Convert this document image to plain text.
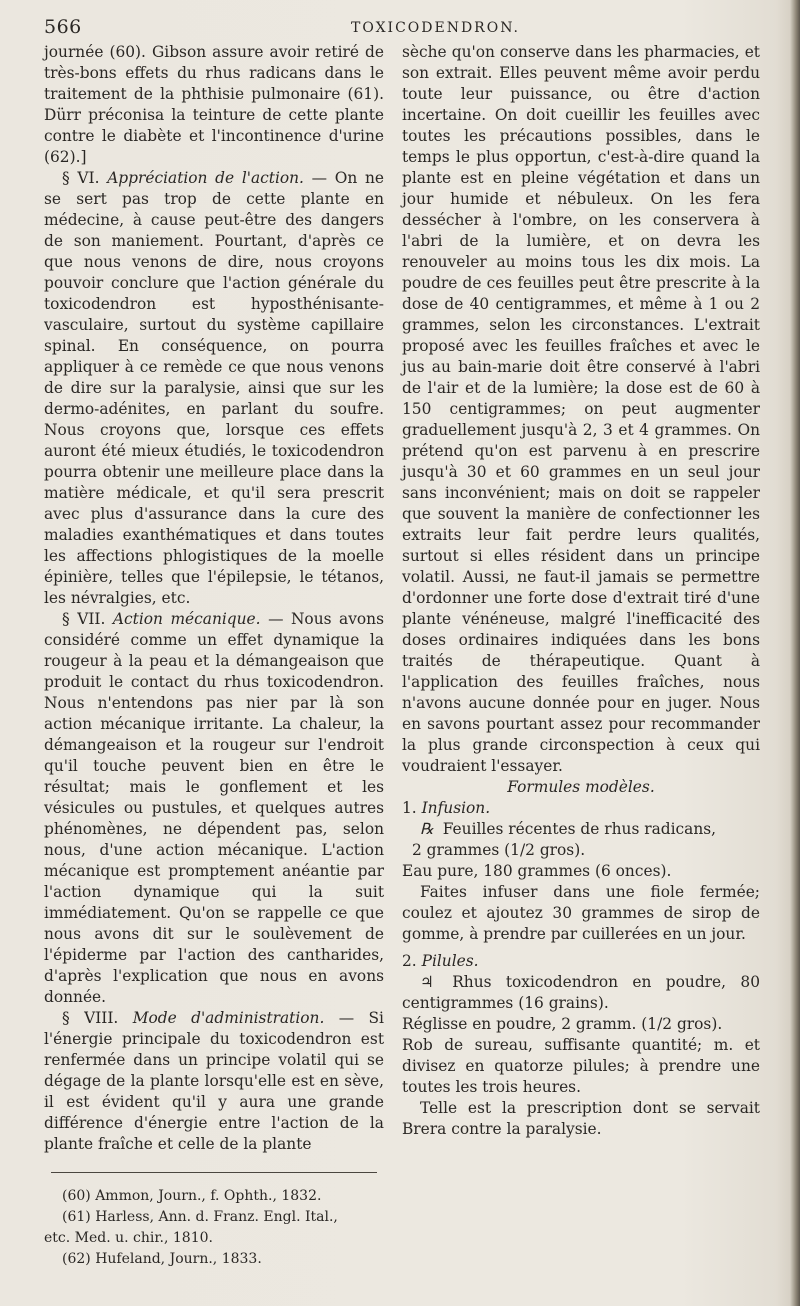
566	TOXICODENDRON.

journée (60). Gibson assure avoir retiré de très-bons effets du rhus radicans dans le traitement de la phthisie pulmonaire (61). Dürr préconisa la teinture de cette plante contre le diabète et l'incontinence d'urine (62).]

§ VI. Appréciation de l'action. — On ne se sert pas trop de cette plante en médecine, à cause peut-être des dangers de son maniement. Pourtant, d'après ce que nous venons de dire, nous croyons pouvoir conclure que l'action générale du toxicodendron est hyposthénisante-vasculaire, surtout du système capillaire spinal. En conséquence, on pourra appliquer à ce remède ce que nous venons de dire sur la paralysie, ainsi que sur les dermo-adénites, en parlant du soufre. Nous croyons que, lorsque ces effets auront été mieux étudiés, le toxicodendron pourra obtenir une meilleure place dans la matière médicale, et qu'il sera prescrit avec plus d'assurance dans la cure des maladies exanthématiques et dans toutes les affections phlogistiques de la moelle épinière, telles que l'épilepsie, le tétanos, les névralgies, etc.

§ VII. Action mécanique. — Nous avons considéré comme un effet dynamique la rougeur à la peau et la démangeaison que produit le contact du rhus toxicodendron. Nous n'entendons pas nier par là son action mécanique irritante. La chaleur, la démangeaison et la rougeur sur l'endroit qu'il touche peuvent bien en être le résultat; mais le gonflement et les vésicules ou pustules, et quelques autres phénomènes, ne dépendent pas, selon nous, d'une action mécanique. L'action mécanique est promptement anéantie par l'action dynamique qui la suit immédiatement. Qu'on se rappelle ce que nous avons dit sur le soulèvement de l'épiderme par l'action des cantharides, d'après l'explication que nous en avons donnée.

§ VIII. Mode d'administration. — Si l'énergie principale du toxicodendron est renfermée dans un principe volatil qui se dégage de la plante lorsqu'elle est en sève, il est évident qu'il y aura une grande différence d'énergie entre l'action de la plante fraîche et celle de la plante

(60) Ammon, Journ., f. Ophth., 1832.

(61) Harless, Ann. d. Franz. Engl. Ital.,

etc. Med. u. chir., 1810.

(62) Hufeland, Journ., 1833.

sèche qu'on conserve dans les pharmacies, et son extrait. Elles peuvent même avoir perdu toute leur puissance, ou être d'action incertaine. On doit cueillir les feuilles avec toutes les précautions possibles, dans le temps le plus opportun, c'est-à-dire quand la plante est en pleine végétation et dans un jour humide et nébuleux. On les fera dessécher à l'ombre, on les conservera à l'abri de la lumière, et on devra les renouveler au moins tous les dix mois. La poudre de ces feuilles peut être prescrite à la dose de 40 centigrammes, et même à 1 ou 2 grammes, selon les circonstances. L'extrait proposé avec les feuilles fraîches et avec le jus au bain-marie doit être conservé à l'abri de l'air et de la lumière; la dose est de 60 à 150 centigrammes; on peut augmenter graduellement jusqu'à 2, 3 et 4 grammes. On prétend qu'on est parvenu à en prescrire jusqu'à 30 et 60 grammes en un seul jour sans inconvénient; mais on doit se rappeler que souvent la manière de confectionner les extraits leur fait perdre leurs qualités, surtout si elles résident dans un principe volatil. Aussi, ne faut-il jamais se permettre d'ordonner une forte dose d'extrait tiré d'une plante vénéneuse, malgré l'inefficacité des doses ordinaires indiquées dans les bons traités de thérapeutique. Quant à l'application des feuilles fraîches, nous n'avons aucune donnée pour en juger. Nous en savons pourtant assez pour recommander la plus grande circonspection à ceux qui voudraient l'essayer.

Formules modèles.

1. Infusion.

℞ Feuilles récentes de rhus radicans,

2 grammes (1/2 gros).

Eau pure, 180 grammes (6 onces).

Faites infuser dans une fiole fermée; coulez et ajoutez 30 grammes de sirop de gomme, à prendre par cuillerées en un jour.

2. Pilules.

♃ Rhus toxicodendron en poudre, 80 centigrammes (16 grains).

Réglisse en poudre, 2 gramm. (1/2 gros).

Rob de sureau, suffisante quantité; m. et divisez en quatorze pilules; à prendre une toutes les trois heures.

Telle est la prescription dont se servait Brera contre la paralysie.
